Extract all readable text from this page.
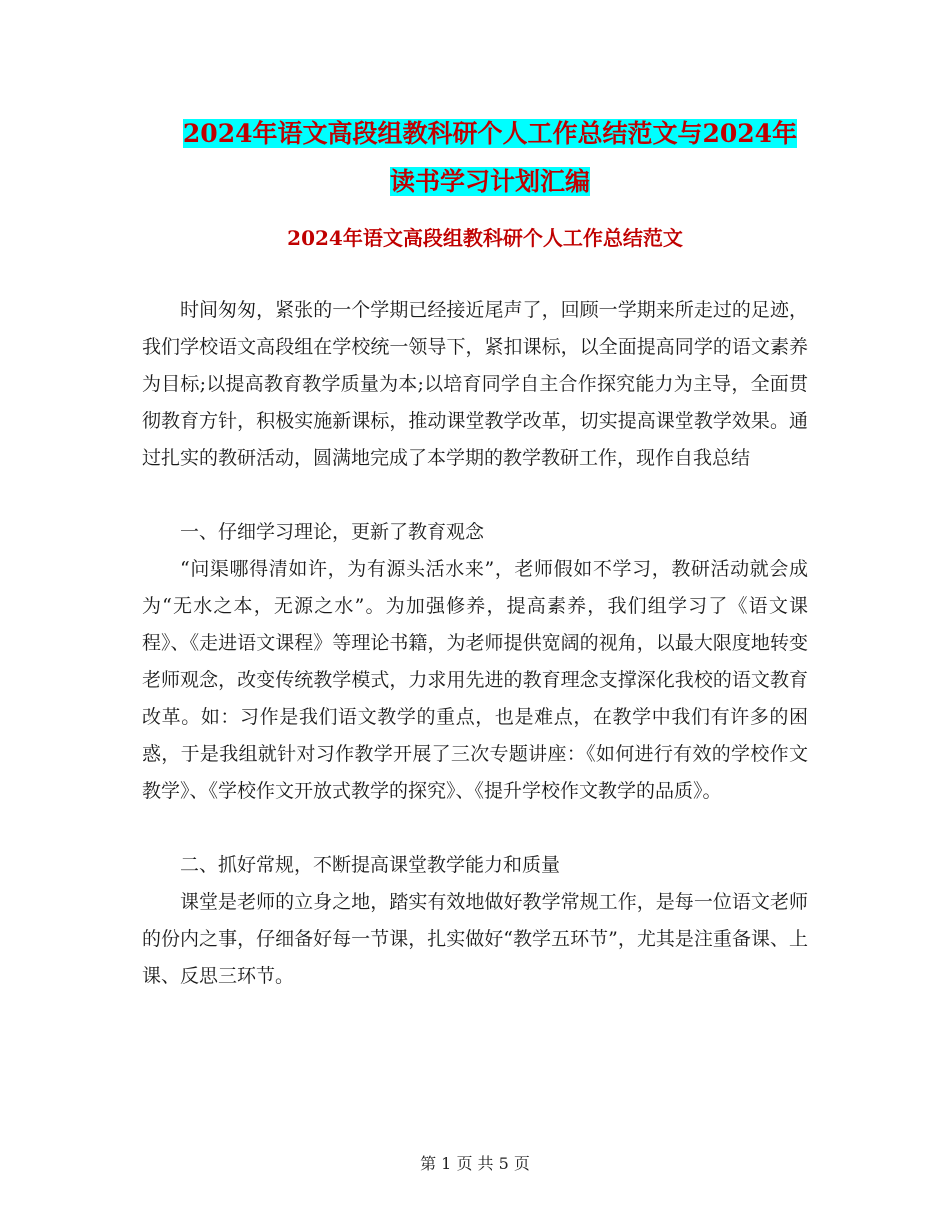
2024年语文高段组教科研个人工作总结范文与2024年
读书学习计划汇编
2024年语文高段组教科研个人工作总结范文

时间匆匆，紧张的一个学期已经接近尾声了，回顾一学期来所走过的足迹，我们学校语文高段组在学校统一领导下，紧扣课标，以全面提高同学的语文素养为目标;以提高教育教学质量为本;以培育同学自主合作探究能力为主导，全面贯彻教育方针，积极实施新课标，推动课堂教学改革，切实提高课堂教学效果。通过扎实的教研活动，圆满地完成了本学期的教学教研工作，现作自我总结

一、仔细学习理论，更新了教育观念

“问渠哪得清如许，为有源头活水来”，老师假如不学习，教研活动就会成为“无水之本，无源之水”。为加强修养，提高素养，我们组学习了《语文课程》、《走进语文课程》等理论书籍，为老师提供宽阔的视角，以最大限度地转变老师观念，改变传统教学模式，力求用先进的教育理念支撑深化我校的语文教育改革。如：习作是我们语文教学的重点，也是难点，在教学中我们有许多的困惑，于是我组就针对习作教学开展了三次专题讲座：《如何进行有效的学校作文教学》、《学校作文开放式教学的探究》、《提升学校作文教学的品质》。

二、抓好常规，不断提高课堂教学能力和质量

课堂是老师的立身之地，踏实有效地做好教学常规工作，是每一位语文老师的份内之事，仔细备好每一节课，扎实做好“教学五环节”，尤其是注重备课、上课、反思三环节。

第 1 页 共 5 页
